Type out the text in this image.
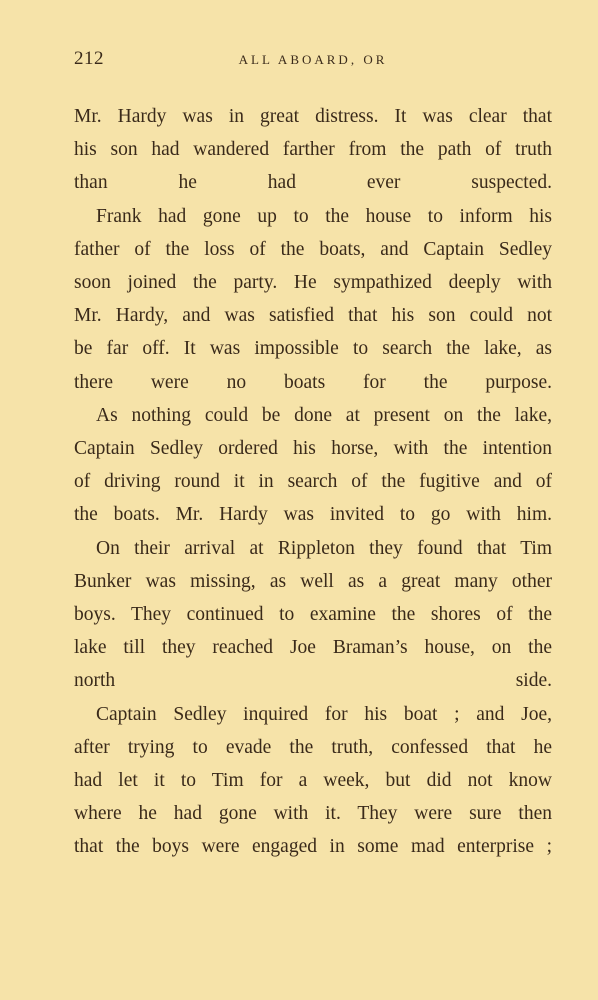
212	ALL ABOARD, OR

Mr. Hardy was in great distress. It was clear that
his son had wandered farther from the path of truth
than he had ever suspected.

Frank had gone up to the house to inform his
father of the loss of the boats, and Captain Sedley
soon joined the party. He sympathized deeply with
Mr. Hardy, and was satisfied that his son could not
be far off. It was impossible to search the lake, as
there were no boats for the purpose.

As nothing could be done at present on the lake,
Captain Sedley ordered his horse, with the intention
of driving round it in search of the fugitive and of
the boats. Mr. Hardy was invited to go with him.

On their arrival at Rippleton they found that Tim
Bunker was missing, as well as a great many other
boys. They continued to examine the shores of the
lake till they reached Joe Braman’s house, on the
north side.

Captain Sedley inquired for his boat ; and Joe,
after trying to evade the truth, confessed that he
had let it to Tim for a week, but did not know
where he had gone with it. They were sure then
that the boys were engaged in some mad enterprise ;
